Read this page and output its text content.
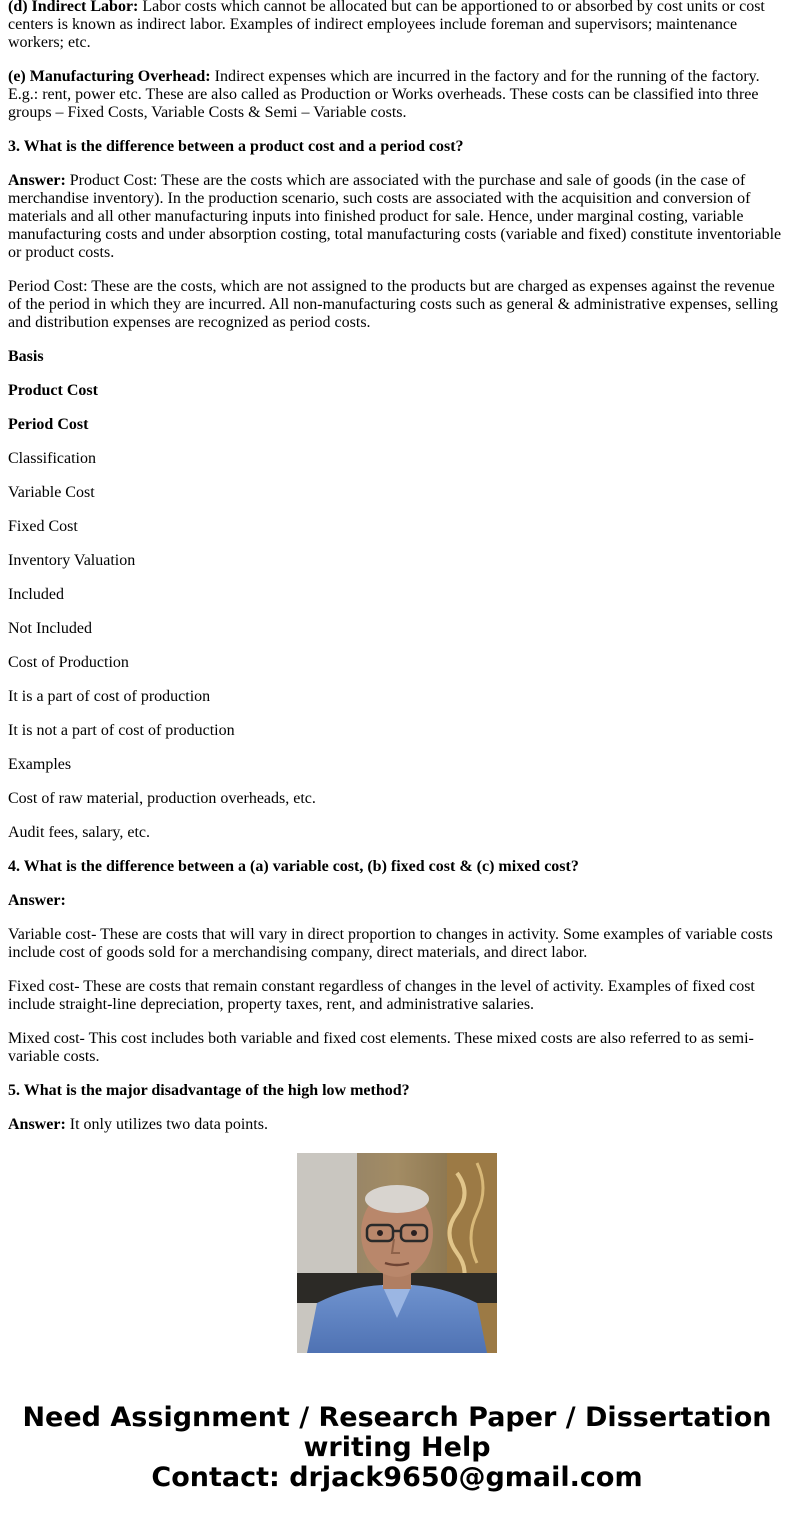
(d) Indirect Labor: Labor costs which cannot be allocated but can be apportioned to or absorbed by cost units or cost centers is known as indirect labor. Examples of indirect employees include foreman and supervisors; maintenance workers; etc.

(e) Manufacturing Overhead: Indirect expenses which are incurred in the factory and for the running of the factory. E.g.: rent, power etc. These are also called as Production or Works overheads. These costs can be classified into three groups – Fixed Costs, Variable Costs & Semi – Variable costs.

3. What is the difference between a product cost and a period cost?

Answer: Product Cost: These are the costs which are associated with the purchase and sale of goods (in the case of merchandise inventory). In the production scenario, such costs are associated with the acquisition and conversion of materials and all other manufacturing inputs into finished product for sale. Hence, under marginal costing, variable manufacturing costs and under absorption costing, total manufacturing costs (variable and fixed) constitute inventoriable or product costs.

Period Cost: These are the costs, which are not assigned to the products but are charged as expenses against the revenue of the period in which they are incurred. All non-manufacturing costs such as general & administrative expenses, selling and distribution expenses are recognized as period costs.

Basis

Product Cost

Period Cost

Classification

Variable Cost

Fixed Cost

Inventory Valuation

Included

Not Included

Cost of Production

It is a part of cost of production

It is not a part of cost of production

Examples

Cost of raw material, production overheads, etc.

Audit fees, salary, etc.

4. What is the difference between a (a) variable cost, (b) fixed cost & (c) mixed cost?

Answer:

Variable cost- These are costs that will vary in direct proportion to changes in activity. Some examples of variable costs include cost of goods sold for a merchandising company, direct materials, and direct labor.

Fixed cost- These are costs that remain constant regardless of changes in the level of activity. Examples of fixed cost include straight-line depreciation, property taxes, rent, and administrative salaries.

Mixed cost- This cost includes both variable and fixed cost elements. These mixed costs are also referred to as semi-variable costs.

5. What is the major disadvantage of the high low method?

Answer: It only utilizes two data points.

Need Assignment / Research Paper / Dissertation
writing Help
Contact: drjack9650@gmail.com
